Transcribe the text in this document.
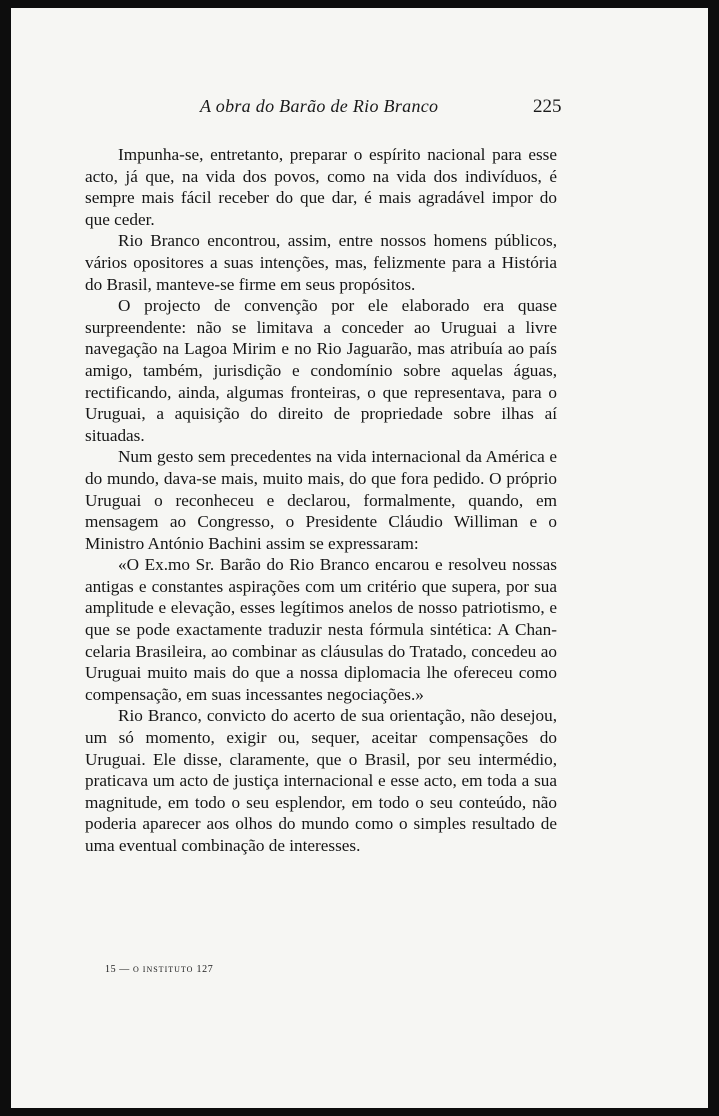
A obra do Barão de Rio Branco	225

Impunha-se, entretanto, preparar o espírito nacional para esse acto, já que, na vida dos povos, como na vida dos indivíduos, é sempre mais fácil receber do que dar, é mais agradável impor do que ceder.

Rio Branco encontrou, assim, entre nossos homens públicos, vários opositores a suas intenções, mas, felizmente para a História do Brasil, manteve-se firme em seus propósitos.

O projecto de convenção por ele elaborado era quase surpreendente: não se limitava a conceder ao Uruguai a livre navegação na Lagoa Mirim e no Rio Jaguarão, mas atribuía ao país amigo, também, jurisdição e condomínio sobre aquelas águas, rectificando, ainda, algumas fronteiras, o que representava, para o Uruguai, a aquisição do direito de propriedade sobre ilhas aí situadas.

Num gesto sem precedentes na vida internacional da América e do mundo, dava-se mais, muito mais, do que fora pedido. O próprio Uruguai o reconheceu e declarou, formalmente, quando, em mensagem ao Congresso, o Presidente Cláudio Williman e o Ministro António Bachini assim se expressaram:

«O Ex.mo Sr. Barão do Rio Branco encarou e resolveu nossas antigas e constantes aspirações com um critério que supera, por sua amplitude e elevação, esses legítimos anelos de nosso patriotismo, e que se pode exactamente traduzir nesta fórmula sintética: A Chancelaria Brasileira, ao combinar as cláusulas do Tratado, concedeu ao Uruguai muito mais do que a nossa diplomacia lhe ofereceu como compensação, em suas incessantes negociações.»

Rio Branco, convicto do acerto de sua orientação, não desejou, um só momento, exigir ou, sequer, aceitar compensações do Uruguai. Ele disse, claramente, que o Brasil, por seu intermédio, praticava um acto de justiça internacional e esse acto, em toda a sua magnitude, em todo o seu esplendor, em todo o seu conteúdo, não poderia aparecer aos olhos do mundo como o simples resultado de uma eventual combinação de interesses.

15 — O INSTITUTO 127
